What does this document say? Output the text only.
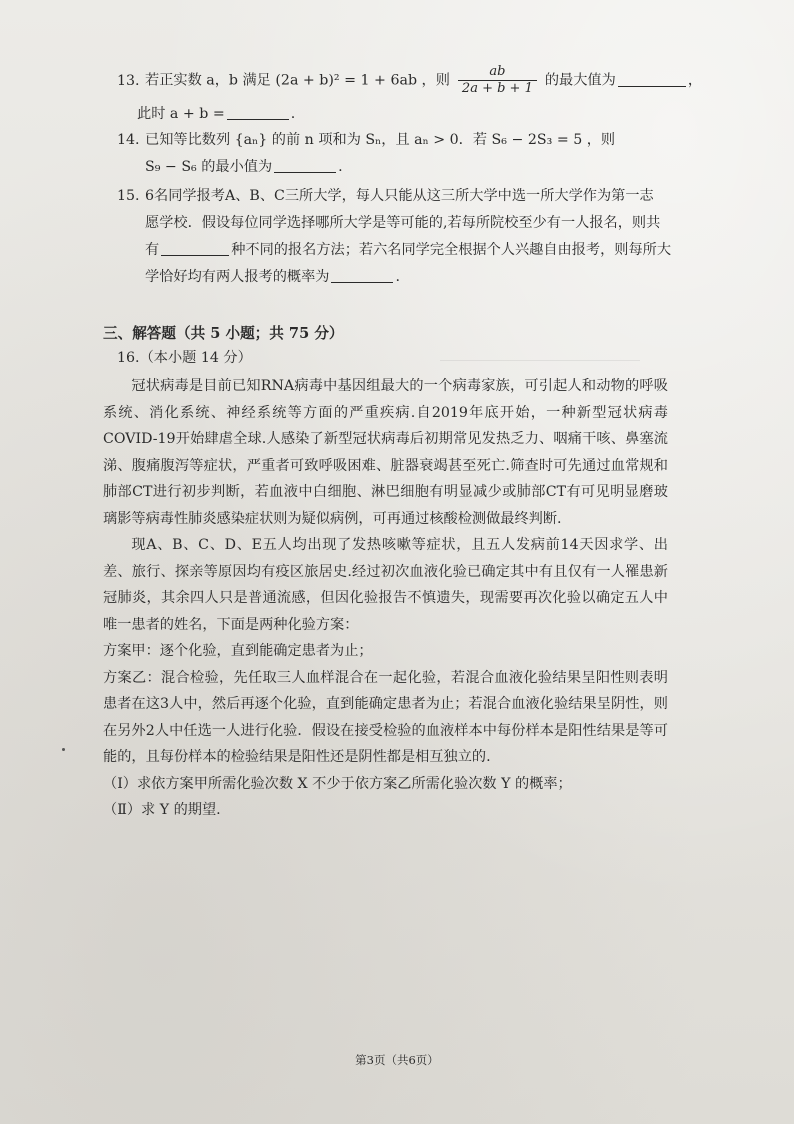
13. 若正实数 a，b 满足 (2a + b)² = 1 + 6ab ，则 $\frac{ab}{2a + b + 1}$ 的最大值为	，
此时 a + b =	.
14. 已知等比数列 {aₙ} 的前 n 项和为 Sₙ，且 aₙ > 0．若 S₆ − 2S₃ = 5 ，则
S₉ − S₆ 的最小值为	.
15. 6名同学报考A、B、C三所大学，每人只能从这三所大学中选一所大学作为第一志
愿学校．假设每位同学选择哪所大学是等可能的,若每所院校至少有一人报名，则共
有	种不同的报名方法；若六名同学完全根据个人兴趣自由报考，则每所大
学恰好均有两人报考的概率为	.
三、解答题（共 5 小题；共 75 分）
16.（本小题 14 分）

冠状病毒是目前已知RNA病毒中基因组最大的一个病毒家族，可引起人和动物的呼吸系统、消化系统、神经系统等方面的严重疾病.自2019年底开始，一种新型冠状病毒COVID-19开始肆虐全球.人感染了新型冠状病毒后初期常见发热乏力、咽痛干咳、鼻塞流涕、腹痛腹泻等症状，严重者可致呼吸困难、脏器衰竭甚至死亡.筛查时可先通过血常规和肺部CT进行初步判断，若血液中白细胞、淋巴细胞有明显减少或肺部CT有可见明显磨玻璃影等病毒性肺炎感染症状则为疑似病例，可再通过核酸检测做最终判断.

现A、B、C、D、E五人均出现了发热咳嗽等症状，且五人发病前14天因求学、出差、旅行、探亲等原因均有疫区旅居史.经过初次血液化验已确定其中有且仅有一人罹患新冠肺炎，其余四人只是普通流感，但因化验报告不慎遗失，现需要再次化验以确定五人中唯一患者的姓名，下面是两种化验方案：

方案甲：逐个化验，直到能确定患者为止；

方案乙：混合检验，先任取三人血样混合在一起化验，若混合血液化验结果呈阳性则表明患者在这3人中，然后再逐个化验，直到能确定患者为止；若混合血液化验结果呈阴性，则在另外2人中任选一人进行化验．假设在接受检验的血液样本中每份样本是阳性结果是等可能的，且每份样本的检验结果是阳性还是阴性都是相互独立的.

（Ⅰ）求依方案甲所需化验次数 X 不少于依方案乙所需化验次数 Y 的概率；

（Ⅱ）求 Y 的期望.

第3页（共6页）
